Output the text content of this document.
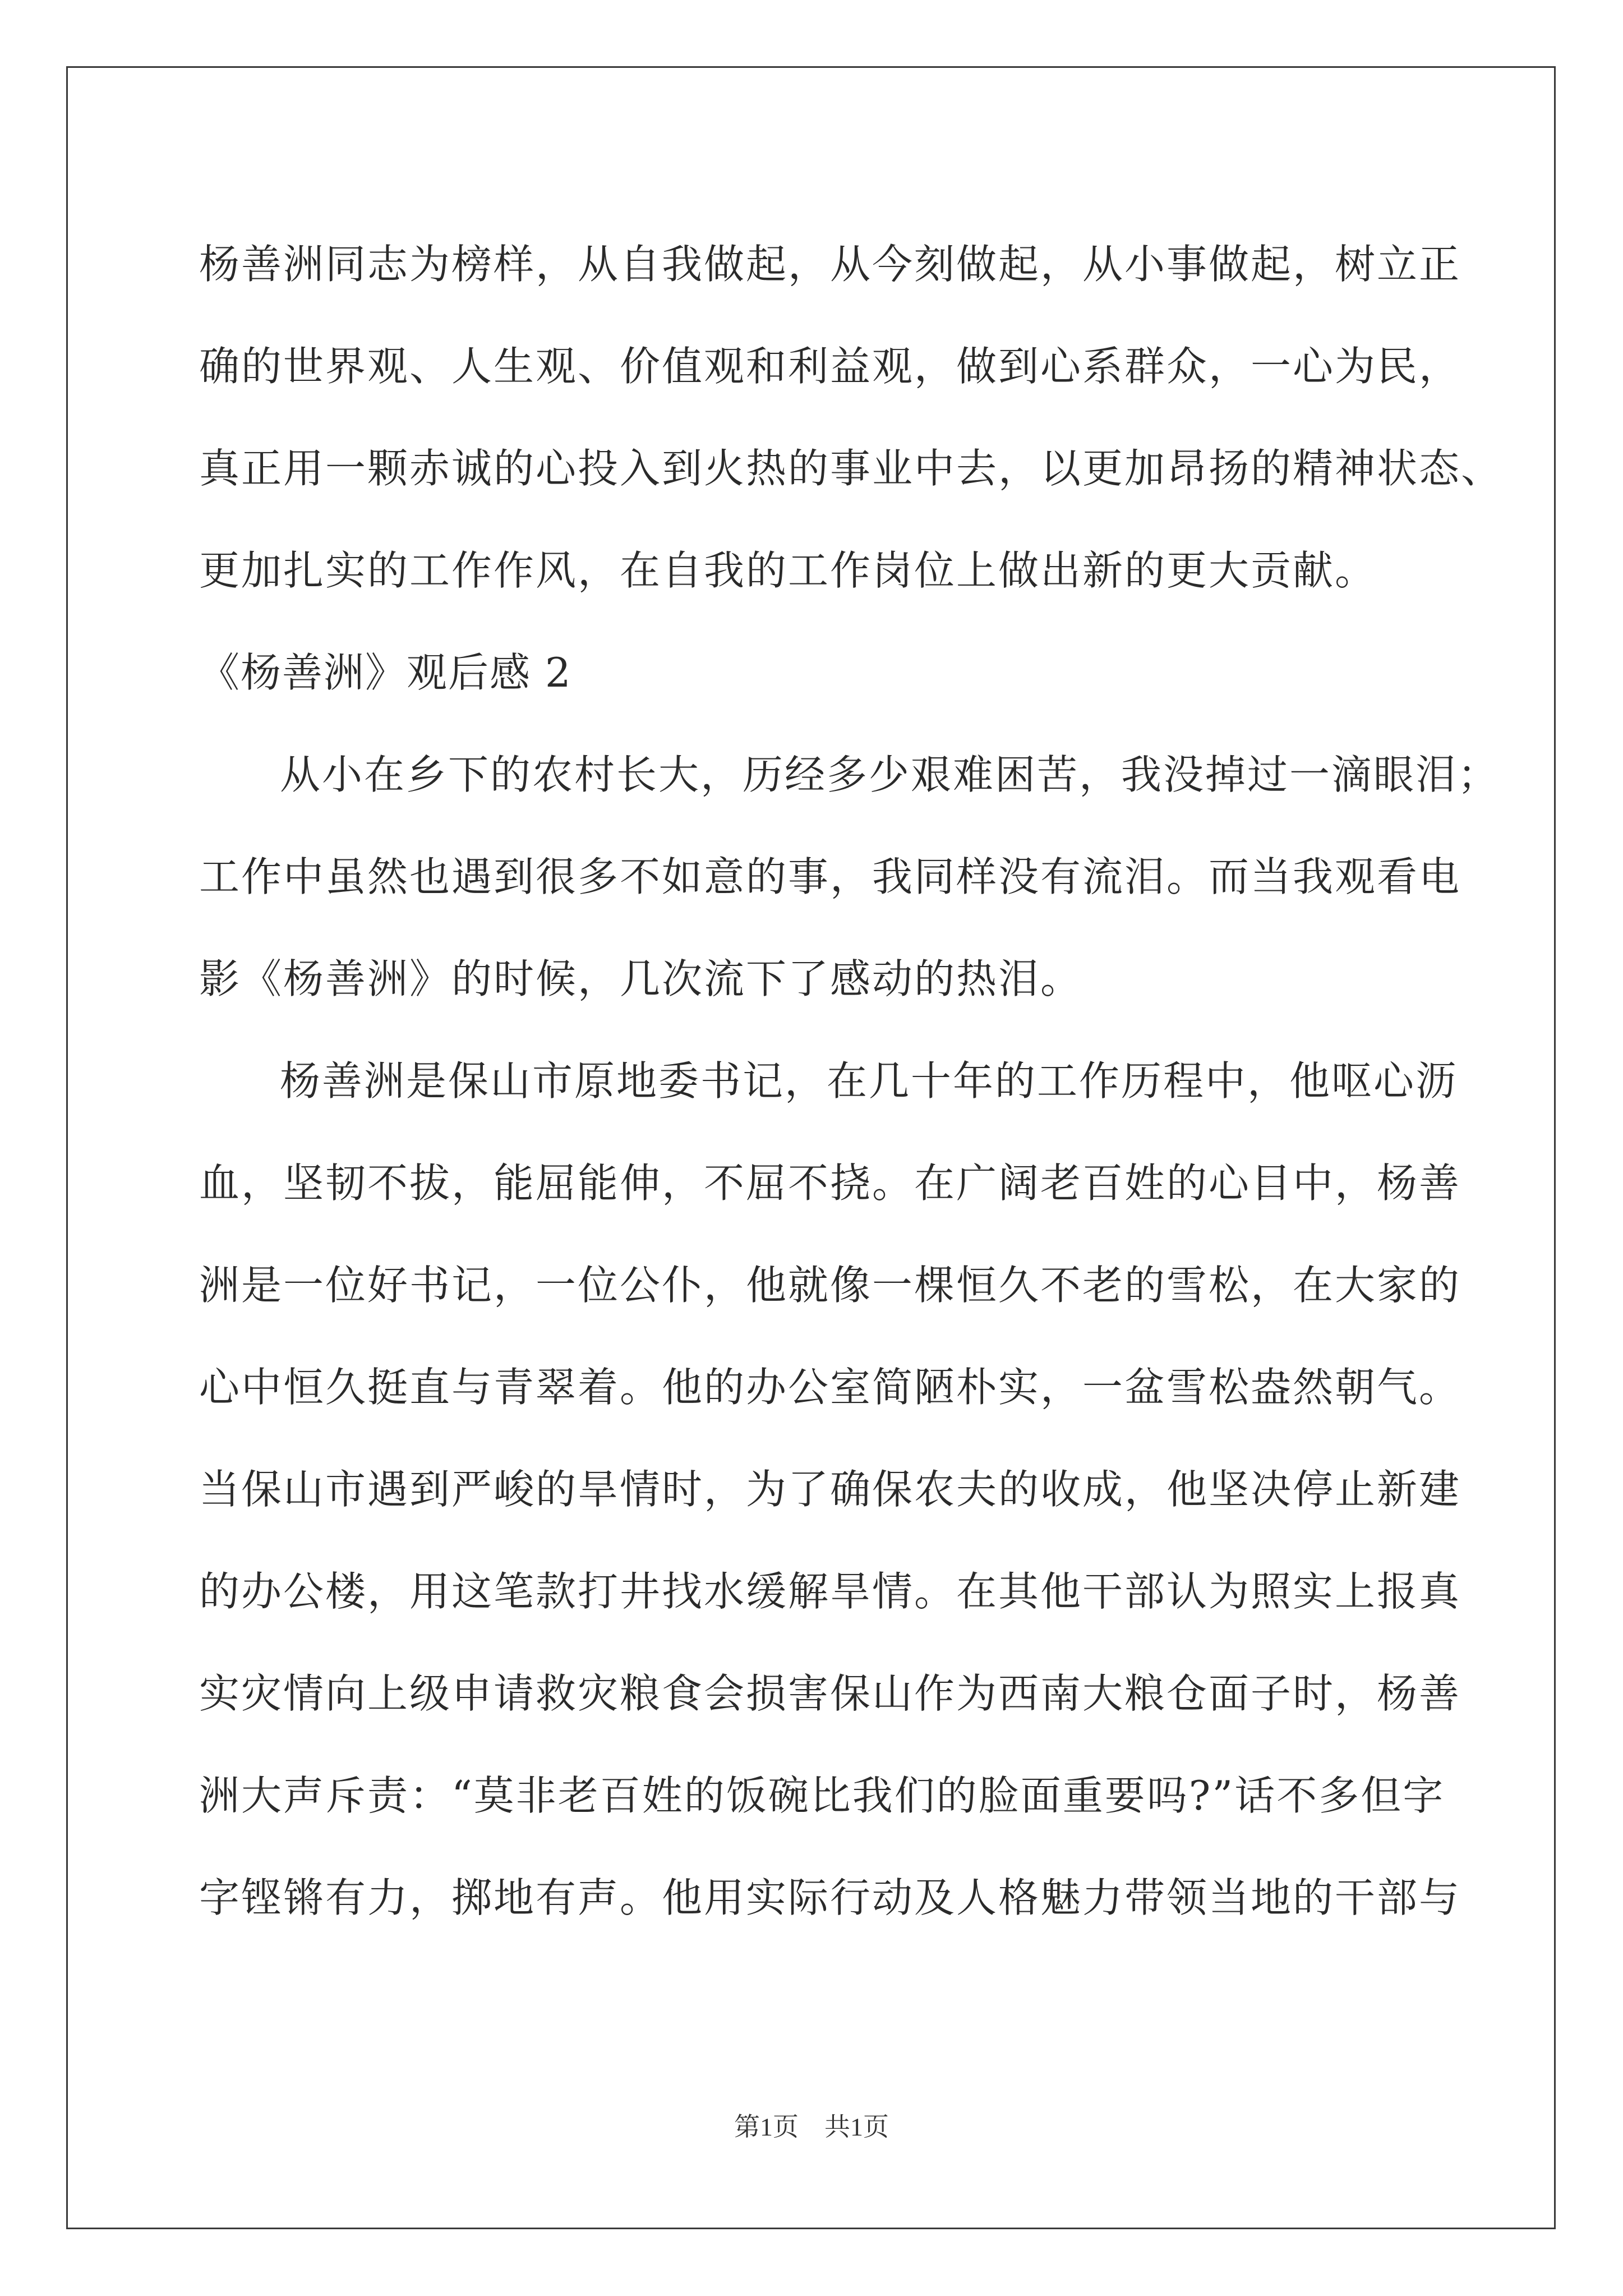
杨善洲同志为榜样，从自我做起，从今刻做起，从小事做起，树立正
确的世界观、人生观、价值观和利益观，做到心系群众，一心为民，
真正用一颗赤诚的心投入到火热的事业中去，以更加昂扬的精神状态、
更加扎实的工作作风，在自我的工作岗位上做出新的更大贡献。
《杨善洲》观后感 2
从小在乡下的农村长大，历经多少艰难困苦，我没掉过一滴眼泪；
工作中虽然也遇到很多不如意的事，我同样没有流泪。而当我观看电
影《杨善洲》的时候，几次流下了感动的热泪。
杨善洲是保山市原地委书记，在几十年的工作历程中，他呕心沥
血，坚韧不拔，能屈能伸，不屈不挠。在广阔老百姓的心目中，杨善
洲是一位好书记，一位公仆，他就像一棵恒久不老的雪松，在大家的
心中恒久挺直与青翠着。他的办公室简陋朴实，一盆雪松盎然朝气。
当保山市遇到严峻的旱情时，为了确保农夫的收成，他坚决停止新建
的办公楼，用这笔款打井找水缓解旱情。在其他干部认为照实上报真
实灾情向上级申请救灾粮食会损害保山作为西南大粮仓面子时，杨善
洲大声斥责：“莫非老百姓的饭碗比我们的脸面重要吗?”话不多但字
字铿锵有力，掷地有声。他用实际行动及人格魅力带领当地的干部与
第1页　共1页
